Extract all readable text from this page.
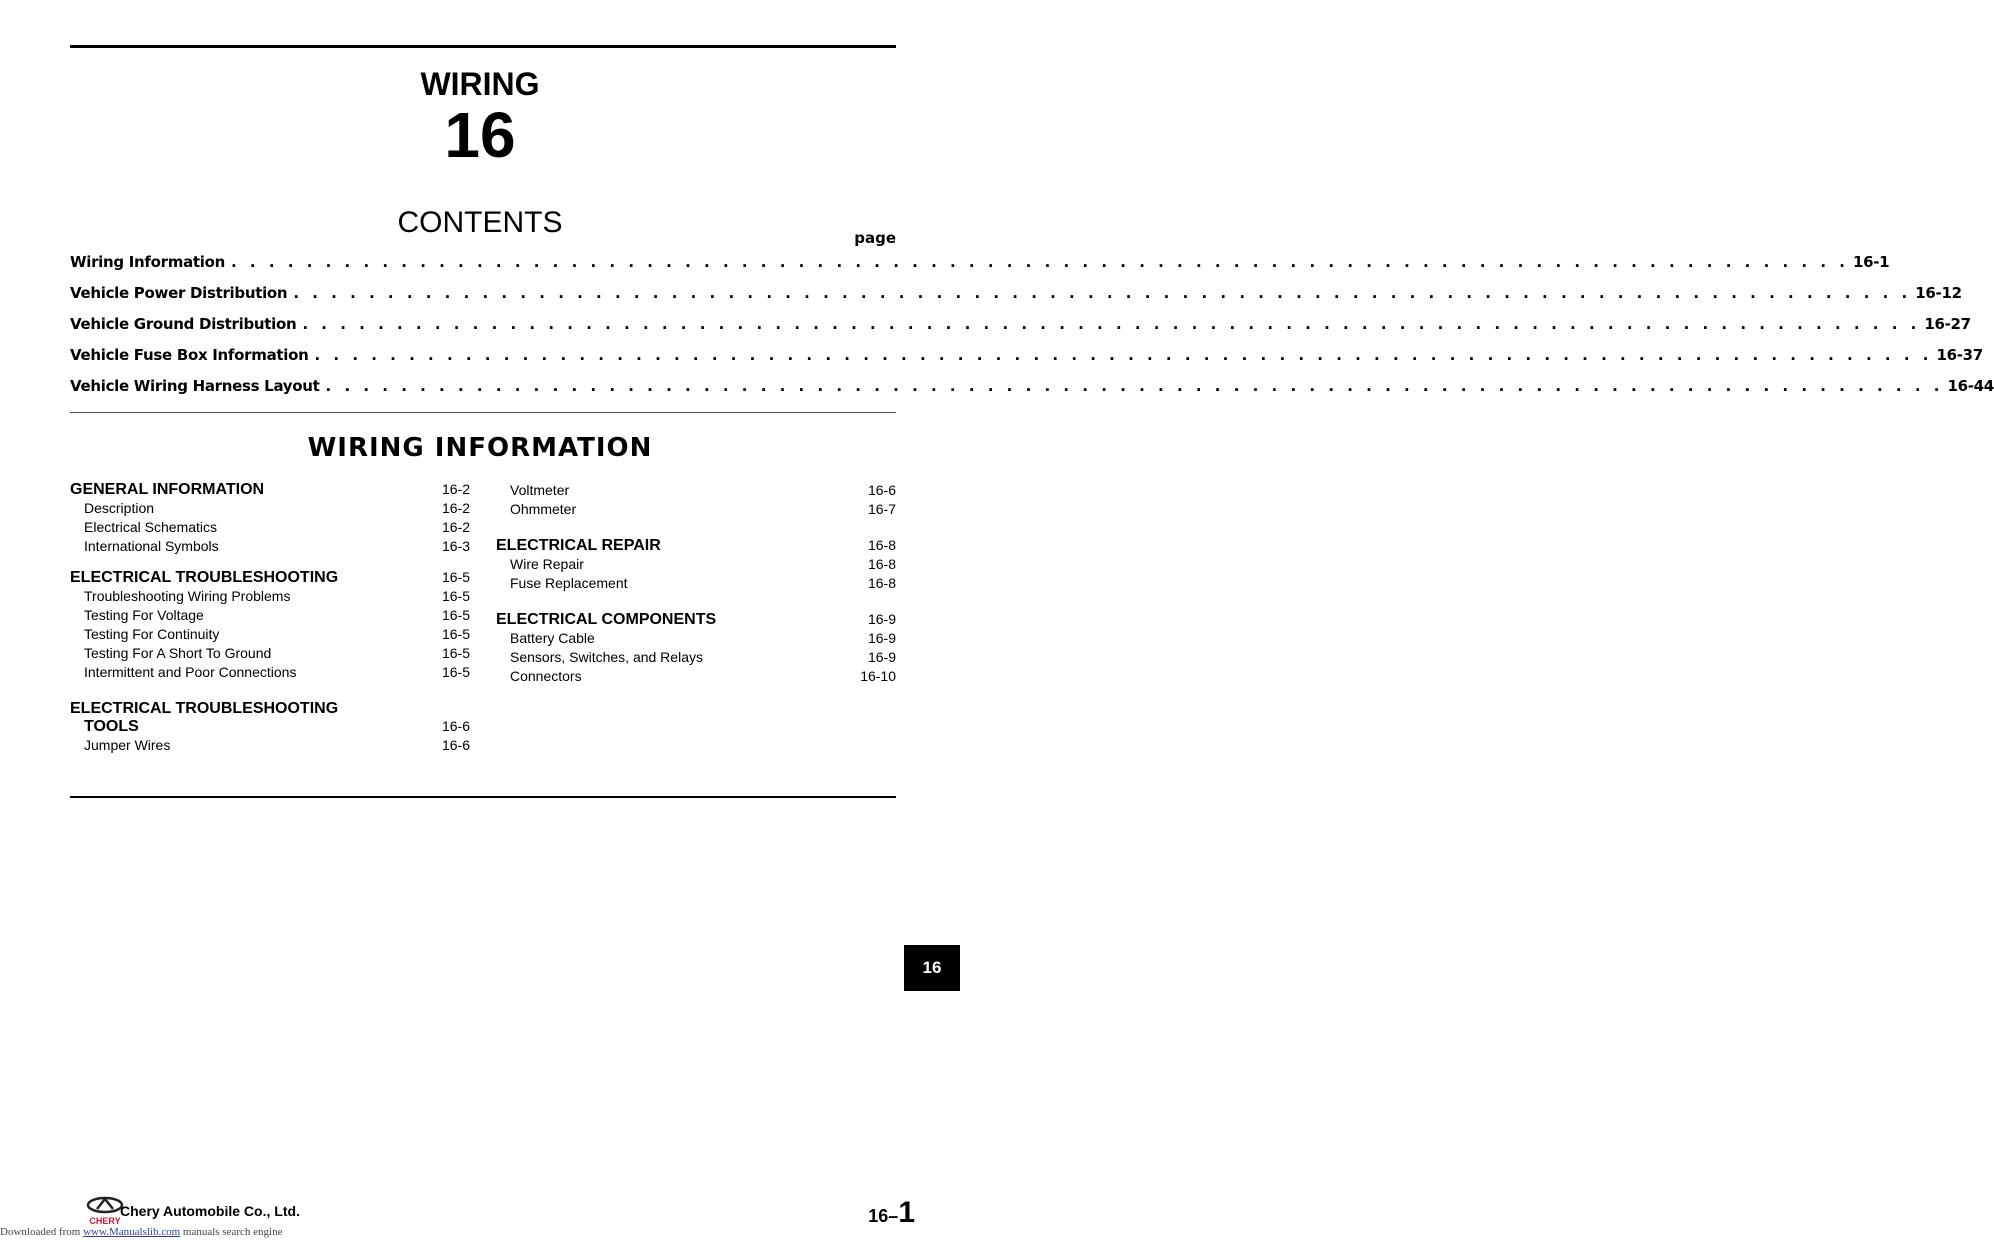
WIRING
16
CONTENTS	page
Wiring Information . . . . . . . . . . . . . . . . . . . . . . . . . . . . . . . . . . . . . . . . . . . . . . . . . . . . . . . . . . . . . . . . . . . . . . . . . . . . . . . . . . . . . . 16-1
Vehicle Power Distribution . . . . . . . . . . . . . . . . . . . . . . . . . . . . . . . . . . . . . . . . . . . . . . . . . . . . . . . . . . . . . . . . . . . . . . . . . . . . . . . . . . . . . . 16-12
Vehicle Ground Distribution . . . . . . . . . . . . . . . . . . . . . . . . . . . . . . . . . . . . . . . . . . . . . . . . . . . . . . . . . . . . . . . . . . . . . . . . . . . . . . . . . . . . . . 16-27
Vehicle Fuse Box Information . . . . . . . . . . . . . . . . . . . . . . . . . . . . . . . . . . . . . . . . . . . . . . . . . . . . . . . . . . . . . . . . . . . . . . . . . . . . . . . . . . . . . . 16-37
Vehicle Wiring Harness Layout . . . . . . . . . . . . . . . . . . . . . . . . . . . . . . . . . . . . . . . . . . . . . . . . . . . . . . . . . . . . . . . . . . . . . . . . . . . . . . . . . . . . . . 16-44
WIRING INFORMATION
GENERAL INFORMATION	16-2
Description	16-2
Electrical Schematics	16-2
International Symbols	16-3
ELECTRICAL TROUBLESHOOTING	16-5
Troubleshooting Wiring Problems	16-5
Testing For Voltage	16-5
Testing For Continuity	16-5
Testing For A Short To Ground	16-5
Intermittent and Poor Connections	16-5
ELECTRICAL TROUBLESHOOTING
TOOLS	16-6
Jumper Wires	16-6
Voltmeter	16-6
Ohmmeter	16-7
ELECTRICAL REPAIR	16-8
Wire Repair	16-8
Fuse Replacement	16-8
ELECTRICAL COMPONENTS	16-9
Battery Cable	16-9
Sensors, Switches, and Relays	16-9
Connectors	16-10
16
CHERY
Chery Automobile Co., Ltd.	16–1
Downloaded from www.Manualslib.com manuals search engine
